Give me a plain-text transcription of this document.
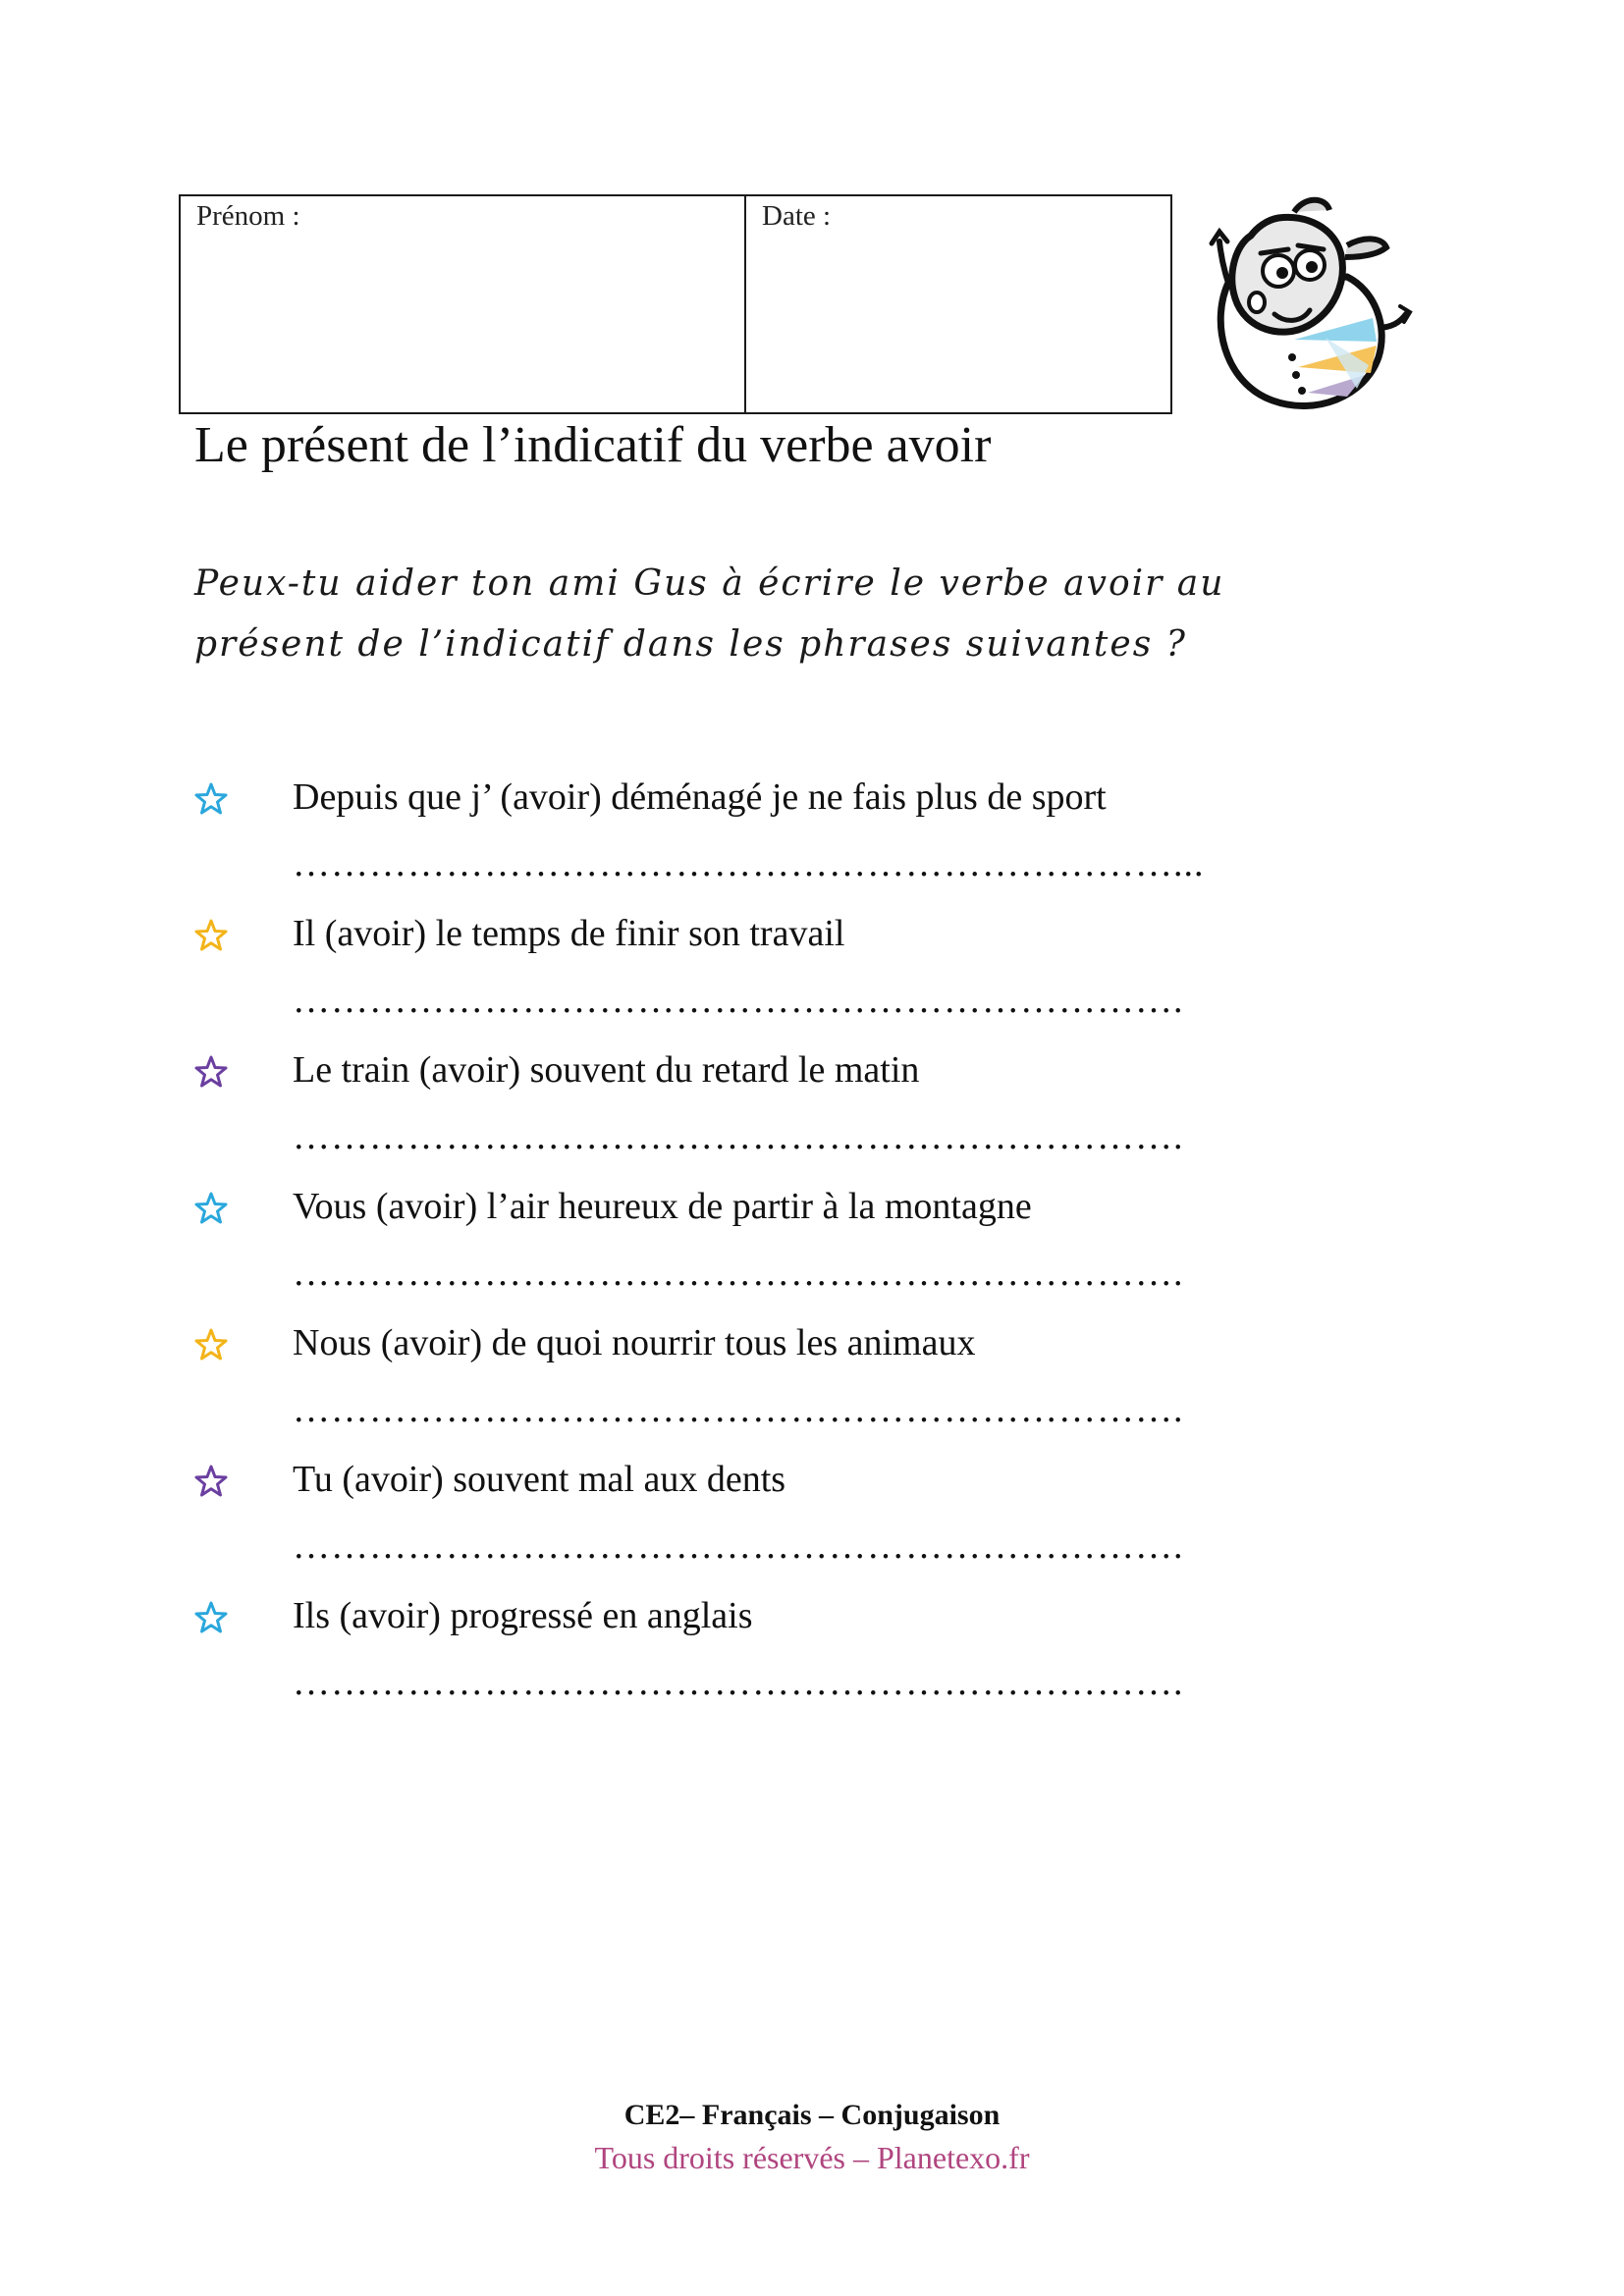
Prénom :	Date :
Le présent de l’indicatif du verbe avoir
Peux-tu aider ton ami Gus à écrire le verbe avoir au présent de l’indicatif dans les phrases suivantes ?
Depuis que j’ (avoir) déménagé je ne fais plus de sport
……………………………………………………………...
Il (avoir) le temps de finir son travail
…………………………………………………………….
Le train (avoir) souvent du retard le matin
…………………………………………………………….
Vous (avoir) l’air heureux de partir à la montagne
…………………………………………………………….
Nous (avoir) de quoi nourrir tous les animaux
…………………………………………………………….
Tu (avoir) souvent mal aux dents
…………………………………………………………….
Ils (avoir) progressé en anglais
…………………………………………………………….
CE2– Français – Conjugaison
Tous droits réservés – Planetexo.fr
